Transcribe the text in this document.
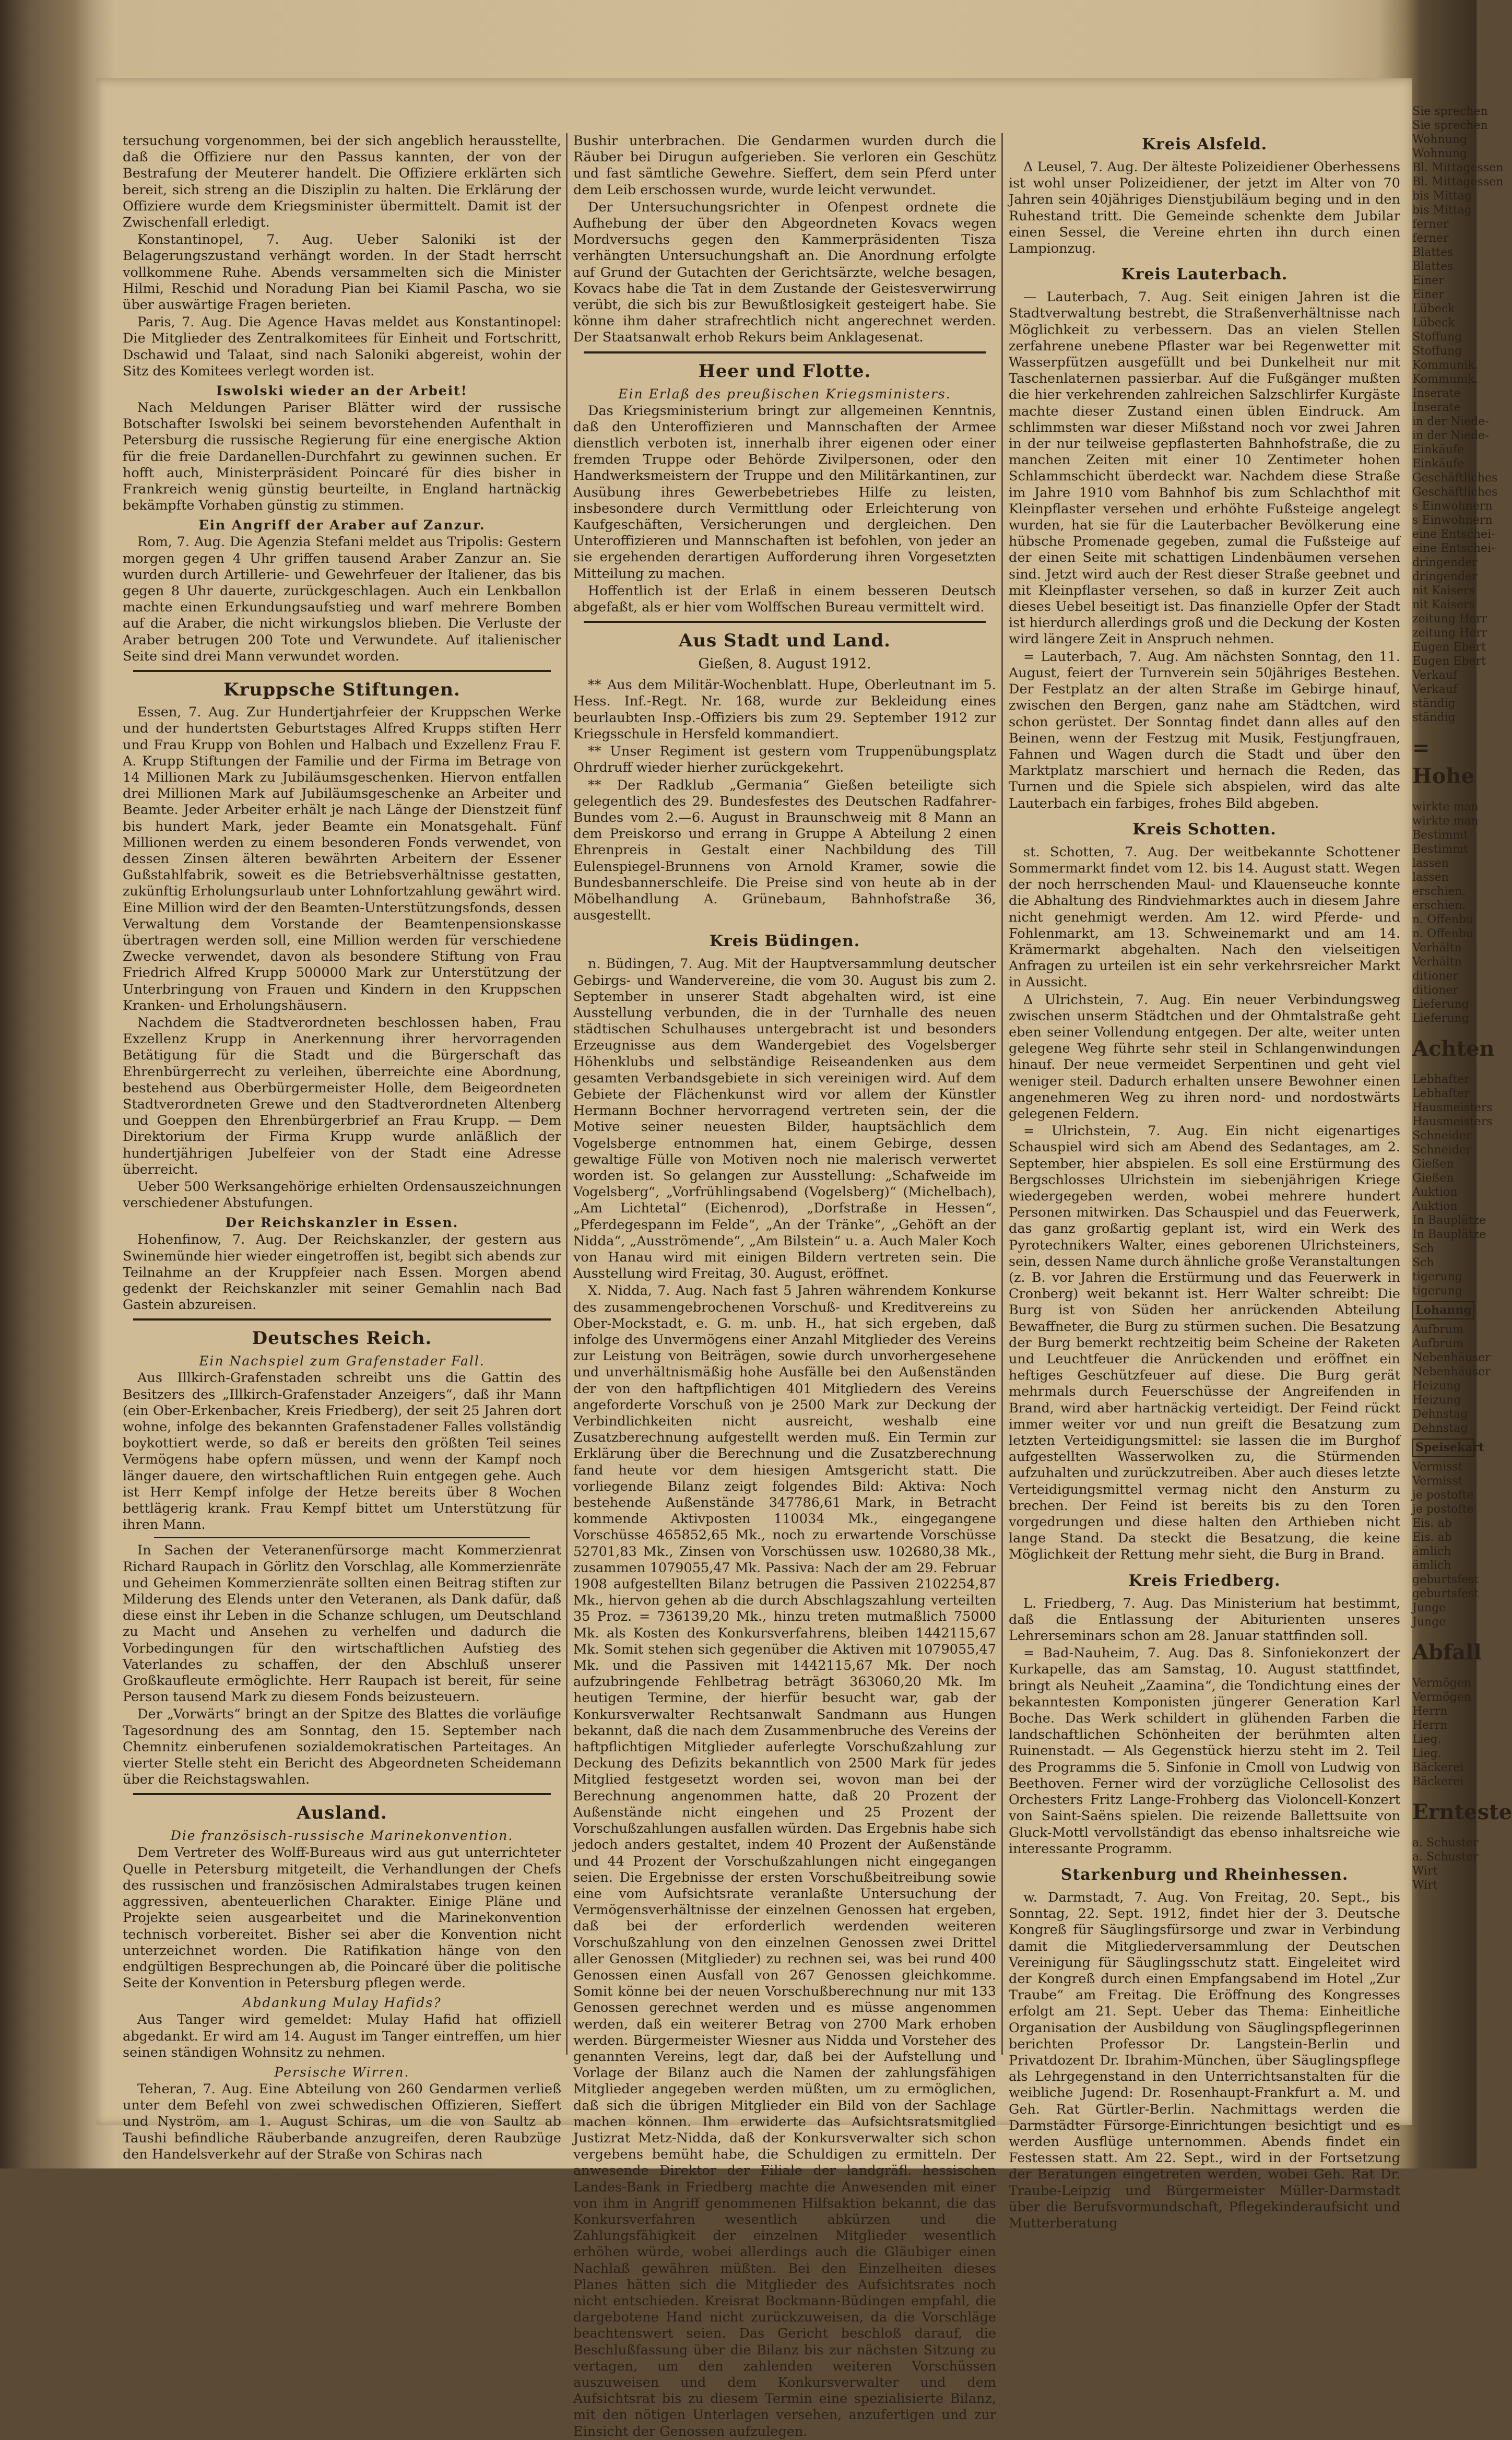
tersuchung vorgenommen, bei der sich angeblich herausstellte, daß die Offiziere nur den Passus kannten, der von der Bestrafung der Meuterer handelt. Die Offiziere erklärten sich bereit, sich streng an die Disziplin zu halten. Die Erklärung der Offiziere wurde dem Kriegsminister übermittelt. Damit ist der Zwischenfall erledigt.

Konstantinopel, 7. Aug. Ueber Saloniki ist der Belagerungszustand verhängt worden. In der Stadt herrscht vollkommene Ruhe. Abends versammelten sich die Minister Hilmi, Reschid und Noradung Pian bei Kiamil Pascha, wo sie über auswärtige Fragen berieten.

Paris, 7. Aug. Die Agence Havas meldet aus Konstantinopel: Die Mitglieder des Zentralkomitees für Einheit und Fortschritt, Dschawid und Talaat, sind nach Saloniki abgereist, wohin der Sitz des Komitees verlegt worden ist.

Iswolski wieder an der Arbeit!

Nach Meldungen Pariser Blätter wird der russische Botschafter Iswolski bei seinem bevorstehenden Aufenthalt in Petersburg die russische Regierung für eine energische Aktion für die freie Dardanellen-Durchfahrt zu gewinnen suchen. Er hofft auch, Ministerpräsident Poincaré für dies bisher in Frankreich wenig günstig beurteilte, in England hartnäckig bekämpfte Vorhaben günstig zu stimmen.

Ein Angriff der Araber auf Zanzur.

Rom, 7. Aug. Die Agenzia Stefani meldet aus Tripolis: Gestern morgen gegen 4 Uhr griffen tausend Araber Zanzur an. Sie wurden durch Artillerie- und Gewehrfeuer der Italiener, das bis gegen 8 Uhr dauerte, zurückgeschlagen. Auch ein Lenkballon machte einen Erkundungsaufstieg und warf mehrere Bomben auf die Araber, die nicht wirkungslos blieben. Die Verluste der Araber betrugen 200 Tote und Verwundete. Auf italienischer Seite sind drei Mann verwundet worden.

Kruppsche Stiftungen.

Essen, 7. Aug. Zur Hundertjahrfeier der Kruppschen Werke und der hundertsten Geburtstages Alfred Krupps stiften Herr und Frau Krupp von Bohlen und Halbach und Exzellenz Frau F. A. Krupp Stiftungen der Familie und der Firma im Betrage von 14 Millionen Mark zu Jubiläumsgeschenken. Hiervon entfallen drei Millionen Mark auf Jubiläumsgeschenke an Arbeiter und Beamte. Jeder Arbeiter erhält je nach Länge der Dienstzeit fünf bis hundert Mark, jeder Beamte ein Monatsgehalt. Fünf Millionen werden zu einem besonderen Fonds verwendet, von dessen Zinsen älteren bewährten Arbeitern der Essener Gußstahlfabrik, soweit es die Betriebsverhältnisse gestatten, zukünftig Erholungsurlaub unter Lohnfortzahlung gewährt wird. Eine Million wird der den Beamten-Unterstützungsfonds, dessen Verwaltung dem Vorstande der Beamtenpensionskasse übertragen werden soll, eine Million werden für verschiedene Zwecke verwendet, davon als besondere Stiftung von Frau Friedrich Alfred Krupp 500000 Mark zur Unterstützung der Unterbringung von Frauen und Kindern in den Kruppschen Kranken- und Erholungshäusern.

Nachdem die Stadtverordneten beschlossen haben, Frau Exzellenz Krupp in Anerkennung ihrer hervorragenden Betätigung für die Stadt und die Bürgerschaft das Ehrenbürgerrecht zu verleihen, überreichte eine Abordnung, bestehend aus Oberbürgermeister Holle, dem Beigeordneten Stadtverordneten Grewe und den Stadtverordneten Altenberg und Goeppen den Ehrenbürgerbrief an Frau Krupp. — Dem Direktorium der Firma Krupp wurde anläßlich der hundertjährigen Jubelfeier von der Stadt eine Adresse überreicht.

Ueber 500 Werksangehörige erhielten Ordensauszeichnungen verschiedener Abstufungen.

Der Reichskanzler in Essen.

Hohenfinow, 7. Aug. Der Reichskanzler, der gestern aus Swinemünde hier wieder eingetroffen ist, begibt sich abends zur Teilnahme an der Kruppfeier nach Essen. Morgen abend gedenkt der Reichskanzler mit seiner Gemahlin nach Bad Gastein abzureisen.

Deutsches Reich.
Ein Nachspiel zum Grafenstader Fall.

Aus Illkirch-Grafenstaden schreibt uns die Gattin des Besitzers des „Illkirch-Grafenstader Anzeigers“, daß ihr Mann (ein Ober-Erkenbacher, Kreis Friedberg), der seit 25 Jahren dort wohne, infolge des bekannten Grafenstadener Falles vollständig boykottiert werde, so daß er bereits den größten Teil seines Vermögens habe opfern müssen, und wenn der Kampf noch länger dauere, den wirtschaftlichen Ruin entgegen gehe. Auch ist Herr Kempf infolge der Hetze bereits über 8 Wochen bettlägerig krank. Frau Kempf bittet um Unterstützung für ihren Mann.

In Sachen der Veteranenfürsorge macht Kommerzienrat Richard Raupach in Görlitz den Vorschlag, alle Kommerzienräte und Geheimen Kommerzienräte sollten einen Beitrag stiften zur Milderung des Elends unter den Veteranen, als Dank dafür, daß diese einst ihr Leben in die Schanze schlugen, um Deutschland zu Macht und Ansehen zu verhelfen und dadurch die Vorbedingungen für den wirtschaftlichen Aufstieg des Vaterlandes zu schaffen, der den Abschluß unserer Großkaufleute ermöglichte. Herr Raupach ist bereit, für seine Person tausend Mark zu diesem Fonds beizusteuern.

Der „Vorwärts“ bringt an der Spitze des Blattes die vorläufige Tagesordnung des am Sonntag, den 15. September nach Chemnitz einberufenen sozialdemokratischen Parteitages. An vierter Stelle steht ein Bericht des Abgeordneten Scheidemann über die Reichstagswahlen.

Ausland.
Die französisch-russische Marinekonvention.

Dem Vertreter des Wolff-Bureaus wird aus gut unterrichteter Quelle in Petersburg mitgeteilt, die Verhandlungen der Chefs des russischen und französischen Admiralstabes trugen keinen aggressiven, abenteuerlichen Charakter. Einige Pläne und Projekte seien ausgearbeitet und die Marinekonvention technisch vorbereitet. Bisher sei aber die Konvention nicht unterzeichnet worden. Die Ratifikation hänge von den endgültigen Besprechungen ab, die Poincaré über die politische Seite der Konvention in Petersburg pflegen werde.

Abdankung Mulay Hafids?

Aus Tanger wird gemeldet: Mulay Hafid hat offiziell abgedankt. Er wird am 14. August im Tanger eintreffen, um hier seinen ständigen Wohnsitz zu nehmen.

Persische Wirren.

Teheran, 7. Aug. Eine Abteilung von 260 Gendarmen verließ unter dem Befehl von zwei schwedischen Offizieren, Sieffert und Nyström, am 1. August Schiras, um die von Saultz ab Taushi befindliche Räuberbande anzugreifen, deren Raubzüge den Handelsverkehr auf der Straße von Schiras nach

Bushir unterbrachen. Die Gendarmen wurden durch die Räuber bei Dirugun aufgerieben. Sie verloren ein Geschütz und fast sämtliche Gewehre. Sieffert, dem sein Pferd unter dem Leib erschossen wurde, wurde leicht verwundet.

Der Untersuchungsrichter in Ofenpest ordnete die Aufhebung der über den Abgeordneten Kovacs wegen Mordversuchs gegen den Kammerpräsidenten Tisza verhängten Untersuchungshaft an. Die Anordnung erfolgte auf Grund der Gutachten der Gerichtsärzte, welche besagen, Kovacs habe die Tat in dem Zustande der Geistesverwirrung verübt, die sich bis zur Bewußtlosigkeit gesteigert habe. Sie könne ihm daher strafrechtlich nicht angerechnet werden. Der Staatsanwalt erhob Rekurs beim Anklagesenat.

Heer und Flotte.
Ein Erlaß des preußischen Kriegsministers.

Das Kriegsministerium bringt zur allgemeinen Kenntnis, daß den Unteroffizieren und Mannschaften der Armee dienstlich verboten ist, innerhalb ihrer eigenen oder einer fremden Truppe oder Behörde Zivilpersonen, oder den Handwerksmeistern der Truppe und den Militärkantinen, zur Ausübung ihres Gewerbebetriebes Hilfe zu leisten, insbesondere durch Vermittlung oder Erleichterung von Kaufgeschäften, Versicherungen und dergleichen. Den Unteroffizieren und Mannschaften ist befohlen, von jeder an sie ergehenden derartigen Aufforderung ihren Vorgesetzten Mitteilung zu machen.

Hoffentlich ist der Erlaß in einem besseren Deutsch abgefaßt, als er hier vom Wolffschen Bureau vermittelt wird.

Aus Stadt und Land.
Gießen, 8. August 1912.

** Aus dem Militär-Wochenblatt. Hupe, Oberleutnant im 5. Hess. Inf.-Regt. Nr. 168, wurde zur Bekleidung eines beurlaubten Insp.-Offiziers bis zum 29. September 1912 zur Kriegsschule in Hersfeld kommandiert.

** Unser Regiment ist gestern vom Truppenübungsplatz Ohrdruff wieder hierher zurückgekehrt.

** Der Radklub „Germania“ Gießen beteiligte sich gelegentlich des 29. Bundesfestes des Deutschen Radfahrer-Bundes vom 2.—6. August in Braunschweig mit 8 Mann an dem Preiskorso und errang in Gruppe A Abteilung 2 einen Ehrenpreis in Gestalt einer Nachbildung des Till Eulenspiegel-Brunnens von Arnold Kramer, sowie die Bundesbannerschleife. Die Preise sind von heute ab in der Möbelhandlung A. Grünebaum, Bahnhofstraße 36, ausgestellt.

Kreis Büdingen.

n. Büdingen, 7. Aug. Mit der Hauptversammlung deutscher Gebirgs- und Wandervereine, die vom 30. August bis zum 2. September in unserer Stadt abgehalten wird, ist eine Ausstellung verbunden, die in der Turnhalle des neuen städtischen Schulhauses untergebracht ist und besonders Erzeugnisse aus dem Wandergebiet des Vogelsberger Höhenklubs und selbständige Reiseandenken aus dem gesamten Verbandsgebiete in sich vereinigen wird. Auf dem Gebiete der Flächenkunst wird vor allem der Künstler Hermann Bochner hervorragend vertreten sein, der die Motive seiner neuesten Bilder, hauptsächlich dem Vogelsberge entnommen hat, einem Gebirge, dessen gewaltige Fülle von Motiven noch nie malerisch verwertet worden ist. So gelangen zur Ausstellung: „Schafweide im Vogelsberg“, „Vorfrühlingsabend (Vogelsberg)“ (Michelbach), „Am Lichtetal“ (Eichenrod), „Dorfstraße in Hessen“, „Pferdegespann im Felde“, „An der Tränke“, „Gehöft an der Nidda“, „Ausströmende“, „Am Bilstein“ u. a. Auch Maler Koch von Hanau wird mit einigen Bildern vertreten sein. Die Ausstellung wird Freitag, 30. August, eröffnet.

X. Nidda, 7. Aug. Nach fast 5 Jahren währendem Konkurse des zusammengebrochenen Vorschuß- und Kreditvereins zu Ober-Mockstadt, e. G. m. unb. H., hat sich ergeben, daß infolge des Unvermögens einer Anzahl Mitglieder des Vereins zur Leistung von Beiträgen, sowie durch unvorhergesehene und unverhältnismäßig hohe Ausfälle bei den Außenständen der von den haftpflichtigen 401 Mitgliedern des Vereins angeforderte Vorschuß von je 2500 Mark zur Deckung der Verbindlichkeiten nicht ausreicht, weshalb eine Zusatzberechnung aufgestellt werden muß. Ein Termin zur Erklärung über die Berechnung und die Zusatzberechnung fand heute vor dem hiesigen Amtsgericht statt. Die vorliegende Bilanz zeigt folgendes Bild: Aktiva: Noch bestehende Außenstände 347786,61 Mark, in Betracht kommende Aktivposten 110034 Mk., eingegangene Vorschüsse 465852,65 Mk., noch zu erwartende Vorschüsse 52701,83 Mk., Zinsen von Vorschüssen usw. 102680,38 Mk., zusammen 1079055,47 Mk. Passiva: Nach der am 29. Februar 1908 aufgestellten Bilanz betrugen die Passiven 2102254,87 Mk., hiervon gehen ab die durch Abschlagszahlung verteilten 35 Proz. = 736139,20 Mk., hinzu treten mutmaßlich 75000 Mk. als Kosten des Konkursverfahrens, bleiben 1442115,67 Mk. Somit stehen sich gegenüber die Aktiven mit 1079055,47 Mk. und die Passiven mit 1442115,67 Mk. Der noch aufzubringende Fehlbetrag beträgt 363060,20 Mk. Im heutigen Termine, der hierfür besucht war, gab der Konkursverwalter Rechtsanwalt Sandmann aus Hungen bekannt, daß die nach dem Zusammenbruche des Vereins der haftpflichtigen Mitglieder auferlegte Vorschußzahlung zur Deckung des Defizits bekanntlich von 2500 Mark für jedes Mitglied festgesetzt worden sei, wovon man bei der Berechnung angenommen hatte, daß 20 Prozent der Außenstände nicht eingehen und 25 Prozent der Vorschußzahlungen ausfallen würden. Das Ergebnis habe sich jedoch anders gestaltet, indem 40 Prozent der Außenstände und 44 Prozent der Vorschußzahlungen nicht eingegangen seien. Die Ergebnisse der ersten Vorschußbeitreibung sowie eine vom Aufsichtsrate veranlaßte Untersuchung der Vermögensverhältnisse der einzelnen Genossen hat ergeben, daß bei der erforderlich werdenden weiteren Vorschußzahlung von den einzelnen Genossen zwei Drittel aller Genossen (Mitglieder) zu rechnen sei, was bei rund 400 Genossen einen Ausfall von 267 Genossen gleichkomme. Somit könne bei der neuen Vorschußberechnung nur mit 133 Genossen gerechnet werden und es müsse angenommen werden, daß ein weiterer Betrag von 2700 Mark erhoben werden. Bürgermeister Wiesner aus Nidda und Vorsteher des genannten Vereins, legt dar, daß bei der Aufstellung und Vorlage der Bilanz auch die Namen der zahlungsfähigen Mitglieder angegeben werden müßten, um zu ermöglichen, daß sich die übrigen Mitglieder ein Bild von der Sachlage machen können. Ihm erwiderte das Aufsichtsratsmitglied Justizrat Metz-Nidda, daß der Konkursverwalter sich schon vergebens bemüht habe, die Schuldigen zu ermitteln. Der anwesende Direktor der Filiale der landgräfl. hessischen Landes-Bank in Friedberg machte die Anwesenden mit einer von ihm in Angriff genommenen Hilfsaktion bekannt, die das Konkursverfahren wesentlich abkürzen und die Zahlungsfähigkeit der einzelnen Mitglieder wesentlich erhöhen würde, wobei allerdings auch die Gläubiger einen Nachlaß gewähren müßten. Bei den Einzelheiten dieses Planes hätten sich die Mitglieder des Aufsichtsrates noch nicht entschieden. Kreisrat Bockmann-Büdingen empfahl, die dargebotene Hand nicht zurückzuweisen, da die Vorschläge beachtenswert seien. Das Gericht beschloß darauf, die Beschlußfassung über die Bilanz bis zur nächsten Sitzung zu vertagen, um den zahlenden weiteren Vorschüssen auszuweisen und dem Konkursverwalter und dem Aufsichtsrat bis zu diesem Termin eine spezialisierte Bilanz, mit den nötigen Unterlagen versehen, anzufertigen und zur Einsicht der Genossen aufzulegen.

Kreis Alsfeld.

Δ Leusel, 7. Aug. Der älteste Polizeidiener Oberhessens ist wohl unser Polizeidiener, der jetzt im Alter von 70 Jahren sein 40jähriges Dienstjubiläum beging und in den Ruhestand tritt. Die Gemeinde schenkte dem Jubilar einen Sessel, die Vereine ehrten ihn durch einen Lampionzug.

Kreis Lauterbach.

— Lauterbach, 7. Aug. Seit einigen Jahren ist die Stadtverwaltung bestrebt, die Straßenverhältnisse nach Möglichkeit zu verbessern. Das an vielen Stellen zerfahrene unebene Pflaster war bei Regenwetter mit Wasserpfützen ausgefüllt und bei Dunkelheit nur mit Taschenlaternen passierbar. Auf die Fußgänger mußten die hier verkehrenden zahlreichen Salzschlirfer Kurgäste machte dieser Zustand einen üblen Eindruck. Am schlimmsten war dieser Mißstand noch vor zwei Jahren in der nur teilweise gepflasterten Bahnhofstraße, die zu manchen Zeiten mit einer 10 Zentimeter hohen Schlammschicht überdeckt war. Nachdem diese Straße im Jahre 1910 vom Bahnhof bis zum Schlachthof mit Kleinpflaster versehen und erhöhte Fußsteige angelegt wurden, hat sie für die Lauterbacher Bevölkerung eine hübsche Promenade gegeben, zumal die Fußsteige auf der einen Seite mit schattigen Lindenbäumen versehen sind. Jetzt wird auch der Rest dieser Straße geebnet und mit Kleinpflaster versehen, so daß in kurzer Zeit auch dieses Uebel beseitigt ist. Das finanzielle Opfer der Stadt ist hierdurch allerdings groß und die Deckung der Kosten wird längere Zeit in Anspruch nehmen.

= Lauterbach, 7. Aug. Am nächsten Sonntag, den 11. August, feiert der Turnverein sein 50jähriges Bestehen. Der Festplatz an der alten Straße im Gebirge hinauf, zwischen den Bergen, ganz nahe am Städtchen, wird schon gerüstet. Der Sonntag findet dann alles auf den Beinen, wenn der Festzug mit Musik, Festjungfrauen, Fahnen und Wagen durch die Stadt und über den Marktplatz marschiert und hernach die Reden, das Turnen und die Spiele sich abspielen, wird das alte Lauterbach ein farbiges, frohes Bild abgeben.

Kreis Schotten.

st. Schotten, 7. Aug. Der weitbekannte Schottener Sommermarkt findet vom 12. bis 14. August statt. Wegen der noch herrschenden Maul- und Klauenseuche konnte die Abhaltung des Rindviehmarktes auch in diesem Jahre nicht genehmigt werden. Am 12. wird Pferde- und Fohlenmarkt, am 13. Schweinemarkt und am 14. Krämermarkt abgehalten. Nach den vielseitigen Anfragen zu urteilen ist ein sehr verkehrsreicher Markt in Aussicht.

Δ Ulrichstein, 7. Aug. Ein neuer Verbindungsweg zwischen unserm Städtchen und der Ohmtalstraße geht eben seiner Vollendung entgegen. Der alte, weiter unten gelegene Weg führte sehr steil in Schlangenwindungen hinauf. Der neue vermeidet Serpentinen und geht viel weniger steil. Dadurch erhalten unsere Bewohner einen angenehmeren Weg zu ihren nord- und nordostwärts gelegenen Feldern.

= Ulrichstein, 7. Aug. Ein nicht eigenartiges Schauspiel wird sich am Abend des Sedantages, am 2. September, hier abspielen. Es soll eine Erstürmung des Bergschlosses Ulrichstein im siebenjährigen Kriege wiedergegeben werden, wobei mehrere hundert Personen mitwirken. Das Schauspiel und das Feuerwerk, das ganz großartig geplant ist, wird ein Werk des Pyrotechnikers Walter, eines geborenen Ulrichsteiners, sein, dessen Name durch ähnliche große Veranstaltungen (z. B. vor Jahren die Erstürmung und das Feuerwerk in Cronberg) weit bekannt ist. Herr Walter schreibt: Die Burg ist von Süden her anrückenden Abteilung Bewaffneter, die Burg zu stürmen suchen. Die Besatzung der Burg bemerkt rechtzeitig beim Scheine der Raketen und Leuchtfeuer die Anrückenden und eröffnet ein heftiges Geschützfeuer auf diese. Die Burg gerät mehrmals durch Feuerschüsse der Angreifenden in Brand, wird aber hartnäckig verteidigt. Der Feind rückt immer weiter vor und nun greift die Besatzung zum letzten Verteidigungsmittel: sie lassen die im Burghof aufgestellten Wasserwolken zu, die Stürmenden aufzuhalten und zurückzutreiben. Aber auch dieses letzte Verteidigungsmittel vermag nicht den Ansturm zu brechen. Der Feind ist bereits bis zu den Toren vorgedrungen und diese halten den Arthieben nicht lange Stand. Da steckt die Besatzung, die keine Möglichkeit der Rettung mehr sieht, die Burg in Brand.

Kreis Friedberg.

L. Friedberg, 7. Aug. Das Ministerium hat bestimmt, daß die Entlassung der Abiturienten unseres Lehrerseminars schon am 28. Januar stattfinden soll.

= Bad-Nauheim, 7. Aug. Das 8. Sinfoniekonzert der Kurkapelle, das am Samstag, 10. August stattfindet, bringt als Neuheit „Zaamina“, die Tondichtung eines der bekanntesten Komponisten jüngerer Generation Karl Boche. Das Werk schildert in glühenden Farben die landschaftlichen Schönheiten der berühmten alten Ruinenstadt. — Als Gegenstück hierzu steht im 2. Teil des Programms die 5. Sinfonie in Cmoll von Ludwig von Beethoven. Ferner wird der vorzügliche Cellosolist des Orchesters Fritz Lange-Frohberg das Violoncell-Konzert von Saint-Saëns spielen. Die reizende Ballettsuite von Gluck-Mottl vervollständigt das ebenso inhaltsreiche wie interessante Programm.

Starkenburg und Rheinhessen.

w. Darmstadt, 7. Aug. Von Freitag, 20. Sept., bis Sonntag, 22. Sept. 1912, findet hier der 3. Deutsche Kongreß für Säuglingsfürsorge und zwar in Verbindung damit die Mitgliederversammlung der Deutschen Vereinigung für Säuglingsschutz statt. Eingeleitet wird der Kongreß durch einen Empfangsabend im Hotel „Zur Traube“ am Freitag. Die Eröffnung des Kongresses erfolgt am 21. Sept. Ueber das Thema: Einheitliche Organisation der Ausbildung von Säuglingspflegerinnen berichten Professor Dr. Langstein-Berlin und Privatdozent Dr. Ibrahim-München, über Säuglingspflege als Lehrgegenstand in den Unterrichtsanstalten für die weibliche Jugend: Dr. Rosenhaupt-Frankfurt a. M. und Geh. Rat Gürtler-Berlin. Nachmittags werden die Darmstädter Fürsorge-Einrichtungen besichtigt und es werden Ausflüge unternommen. Abends findet ein Festessen statt. Am 22. Sept., wird in der Fortsetzung der Beratungen eingetreten werden, wobei Geh. Rat Dr. Traube-Leipzig und Bürgermeister Müller-Darmstadt über die Berufsvormundschaft, Pflegekinderaufsicht und Mutterberatung

Sie sprechen
Sie sprechen
Wohnung
Wohnung
Bl. Mittagessen
Bl. Mittagessen
bis Mittag
bis Mittag
ferner
ferner
Blattes
Blattes
Einer
Einer
Lübeck
Lübeck
Stoffung
Stoffung
Kommunik.
Kommunik.
Inserate
Inserate
in der Niede-
in der Niede-
Einkäufe
Einkäufe
Geschäftliches
Geschäftliches
s Einwohnern
s Einwohnern
eine Entschei-
eine Entschei-
dringender
dringender
nit Kaisers
nit Kaisers
zeitung Herr
zeitung Herr
Eugen Ebert
Eugen Ebert
Verkauf
Verkauf
ständig
ständig
= Hohe
wirkte man
wirkte man
Bestimmt
Bestimmt
lassen
lassen
erschien.
erschien.
n. Offenbu
n. Offenbu
Verhältn
Verhältn
ditioner
ditioner
Lieferung
Lieferung
Achten
Lebhafter
Lebhafter
Hausmeisters
Hausmeisters
Schneider
Schneider
Gießen
Gießen
Auktion
Auktion
In Bauplätze
In Bauplätze
Sch
Sch
tigerung
tigerung
Lohanng
Aufbrum
Aufbrum
Nebenhäuser
Nebenhäuser
Heizung
Heizung
Dehnstag
Dehnstag
Speisekart
Vermisst
Vermisst
je postofte
je postofte
Eis. ab
Eis. ab
ämlich
ämlich
geburtsfest
geburtsfest
Junge
Junge
Abfall
Vermögen
Vermögen
Herrn
Herrn
Lieg.
Lieg.
Bäckerei
Bäckerei
Ernteste
a. Schuster
a. Schuster
Wirt
Wirt
